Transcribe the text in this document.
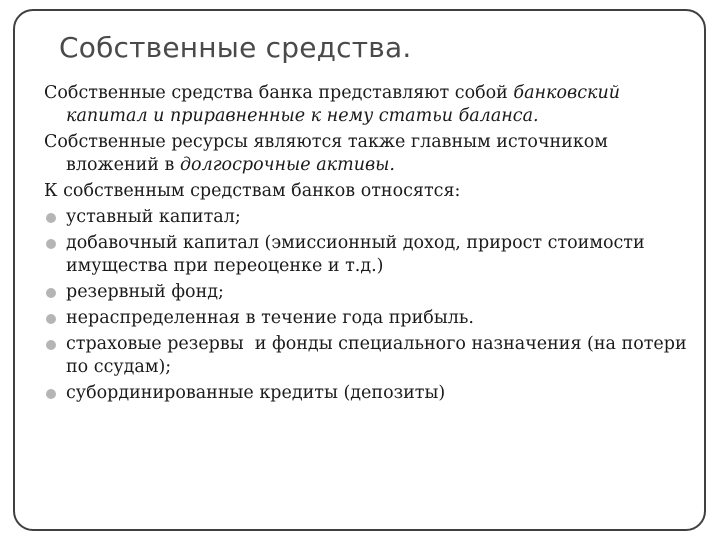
Собственные средства.

Собственные средства банка представляют собой банковский капитал и приравненные к нему статьи баланса.

Собственные ресурсы являются также главным источником вложений в долгосрочные активы.

К собственным средствам банков относятся:

уставный капитал;
добавочный капитал (эмиссионный доход, прирост стоимости имущества при переоценке и т.д.)
резервный фонд;
нераспределенная в течение года прибыль.
страховые резервы  и фонды специального назначения (на потери по ссудам);
субординированные кредиты (депозиты)
